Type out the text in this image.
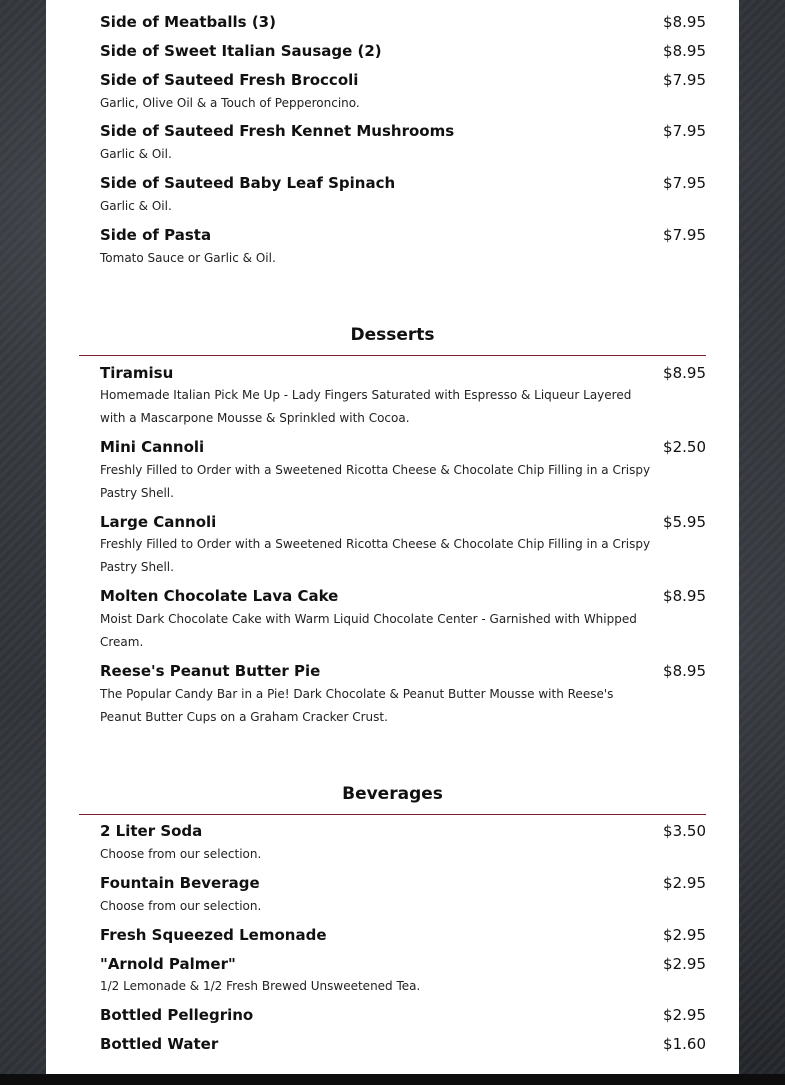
Side of Meatballs (3)	$8.95
Side of Sweet Italian Sausage (2)	$8.95
Side of Sauteed Fresh Broccoli	$7.95
Garlic, Olive Oil & a Touch of Pepperoncino.
Side of Sauteed Fresh Kennet Mushrooms	$7.95
Garlic & Oil.
Side of Sauteed Baby Leaf Spinach	$7.95
Garlic & Oil.
Side of Pasta	$7.95
Tomato Sauce or Garlic & Oil.
Desserts
Tiramisu	$8.95
Homemade Italian Pick Me Up - Lady Fingers Saturated with Espresso & Liqueur Layered with a Mascarpone Mousse & Sprinkled with Cocoa.
Mini Cannoli	$2.50
Freshly Filled to Order with a Sweetened Ricotta Cheese & Chocolate Chip Filling in a Crispy Pastry Shell.
Large Cannoli	$5.95
Freshly Filled to Order with a Sweetened Ricotta Cheese & Chocolate Chip Filling in a Crispy Pastry Shell.
Molten Chocolate Lava Cake	$8.95
Moist Dark Chocolate Cake with Warm Liquid Chocolate Center - Garnished with Whipped Cream.
Reese's Peanut Butter Pie	$8.95
The Popular Candy Bar in a Pie! Dark Chocolate & Peanut Butter Mousse with Reese's Peanut Butter Cups on a Graham Cracker Crust.
Beverages
2 Liter Soda	$3.50
Choose from our selection.
Fountain Beverage	$2.95
Choose from our selection.
Fresh Squeezed Lemonade	$2.95
"Arnold Palmer"	$2.95
1/2 Lemonade & 1/2 Fresh Brewed Unsweetened Tea.
Bottled Pellegrino	$2.95
Bottled Water	$1.60
